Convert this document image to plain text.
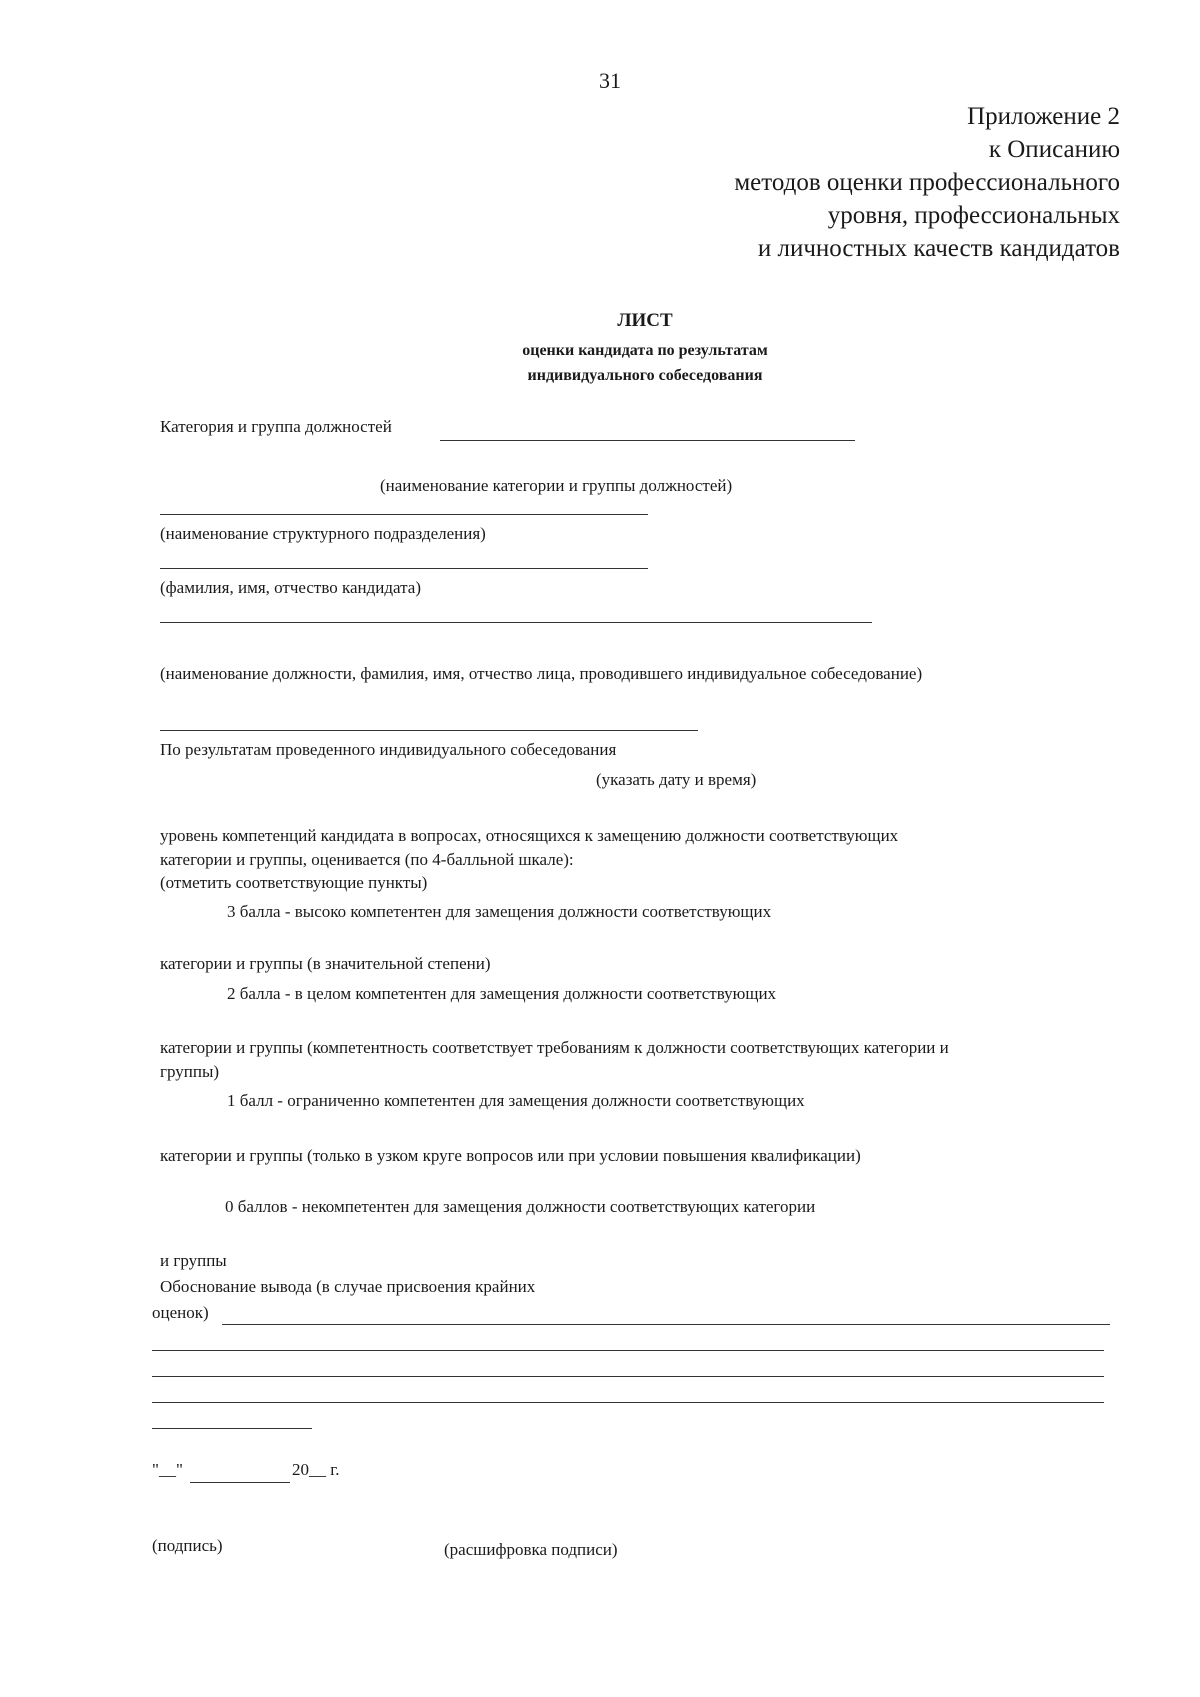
31
Приложение 2
к Описанию
методов оценки профессионального
уровня, профессиональных
и личностных качеств кандидатов
ЛИСТ
оценки кандидата по результатам
индивидуального собеседования
Категория и группа должностей
(наименование категории и группы должностей)
(наименование структурного подразделения)
(фамилия, имя, отчество кандидата)
(наименование должности, фамилия, имя, отчество лица, проводившего индивидуальное собеседование)
По результатам проведенного индивидуального собеседования
(указать дату и время)
уровень компетенций кандидата в вопросах, относящихся к замещению должности соответствующих
категории и группы, оценивается (по 4-балльной шкале):
(отметить соответствующие пункты)
3 балла - высоко компетентен для замещения должности соответствующих
категории и группы (в значительной степени)
2 балла - в целом компетентен для замещения должности соответствующих
категории и группы (компетентность соответствует требованиям к должности соответствующих категории и
группы)
1 балл - ограниченно компетентен для замещения должности соответствующих
категории и группы (только в узком круге вопросов или при условии повышения квалификации)
0 баллов - некомпетентен для замещения должности соответствующих категории
и группы
Обоснование вывода (в случае присвоения крайних
оценок)
"__"	20__ г.
(подпись)	(расшифровка подписи)
